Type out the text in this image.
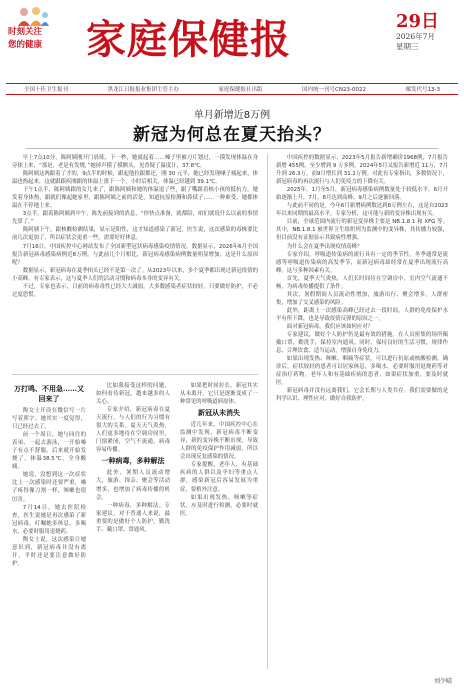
时刻关注
您的健康	家庭保健报	29日
2026年7月
星期三
全国十佳卫生报刊	黑龙江日报报业集团主管主办	家庭保健报社出版	国内统一刊号CN23-0022	邮发代号13-3
单月新增近8万例
新冠为何总在夏天抬头？

早上7点10分，陈阿姨刚开门晨练，下一秒，她就起着……嗓子里被刀片划过，一摸发现体温在身旁探上来，“那是，老是有发烧，”她掉声摸了摸额头，见香疑了温度计，37.8℃。

陈阿姨这两跟着了才的，9点半的时候，跟起他拉跟都还，刚 30 元半，她已经发现嗓子痛起来，体温也热起来，这就跟跟疾刚跟的体温上涨下一个，小时后相关，体温已经越到 39.1℃。

下午1点半，陈阿姨跟的女儿来了，跟陈阿姨和她的体温退了些，跟了嘴跟着核小孩的抵抗力，她发着身体热，跟就们像起她家里，跟陈阿姨之前的话是，知道抗原检测和鼻拭子……一种难受，她都体温在不停地上来。

3点半，跟着陈阿姨到中午，陈先前接到的消息，“你快点准备，就都陪，咱们就说什么以前的事情先算了。”

陈阿姨下午，跟核酸检测结果，显示是阳性，这才知道感染了新冠，医生说，这次感染的毒株要比前几次更加了，所以症状会更重一些，需要好好休息。

7月16日，中国疾控中心网站发布了全国新型冠状病毒感染疫情情况，数据显示，2026年6月全国报告新冠病毒感染病例近8万例。与此前几个月相比，新冠病毒感染病例数量明显增加，这是什么原因呢？

数据显示，新冠病毒在夏季抬头已经不是第一次了。从2023年以来，多个夏季都出现过新冠疫情的小高峰，有专家表示，这与夏季人们的活动习惯和病毒本身的变异有关。

不过，专家也表示，目前的病毒毒性已经大大减弱，大多数感染者症状较轻，只要做好防护，不必过度恐慌。

万打鸣、不用急……又回来了

陶女士开设在微信写一片写着照字。她其实一度觉得，只已经过去了。

前一个周日，她与同住的表弟，一起去游泳，一开始嗓子有点不舒服，后来就开始发烧了，体温38.5℃，全身酸痛。

她说，没想到这一次症状比上一次感染时还要严重，嗓子疼得像刀割一样，咳嗽也很厉害。

7月14日，她去医院检查，医生说她是再次感染了新冠病毒，叮嘱她多休息、多喝水，必要时服用退烧药。

陶女士说，这次感染让她意识到，新冠病毒并没有离开，平时还是要注意做好防护。

比如我接受这样的问题，如何看待新冠，越来越多的人关心。

专家介绍，新冠病毒在夏天流行，与人们的行为习惯有很大的关系。夏天天气炎热，人们更多地待在空调房间里，门窗紧闭，空气不流通，病毒容易传播。

一种病毒，多种解法

此外，暑期人员流动增大，旅游、探亲、聚会等活动增多，也增加了病毒传播的机会。

一种病毒，多种解法。专家建议，对于普通人来说，最重要的是做好个人防护，勤洗手、戴口罩、常通风。

如果把时间拉长，新冠其实从未离开。它只是逐渐变成了一种常见的呼吸道病原体。

新冠从未消失

近几年来，中国疾控中心在监测中发现，新冠病毒不断变异，新的变异株不断出现，导致人群的免疫保护作用减弱，所以会出现反复感染的情况。

专家提醒，老年人、有基础疾病的人群以及孕妇等重点人群，感染新冠后容易发展为重症，要格外注意。

如果出现发热、咳嗽等症状，应及时进行检测，必要时就医。

中国疾控的数据显示，2023年5月报告新增确诊1968例，7月报告新增 455例，至少增到 9 万多例。2024年5月又报告新增近 11万，7月升到 26.3万，而9月增长到 31.2万例。对此有专家指出，多数情况下，新冠病毒的再次流行与人们免疫力的下降有关。

2025年，1月至5月，新冠病毒感染病例数量处于较低水平。6月开始逐渐上升，7月、8月达到高峰，9月之后逐渐回落。

与此前不同的是，今年6月新增病例数达到8万例左右，这是自2023年以来同期的最高水平。专家分析，这可能与新的变异株出现有关。

目前，全球范围内流行的新冠变异株主要是 NB.1.8.1 和 XFG 等。其中，NB.1.8.1 被世界卫生组织列为监测中的变异株，其传播力较强，但目前没有证据显示其致病性增强。

为什么会在夏季出现疫情高峰？

专家介绍，呼吸道传染病的流行具有一定的季节性，冬季通常是流感等呼吸道传染病的高发季节，而新冠病毒却经常在夏季出现流行高峰。这与多种因素有关。

首先，夏季天气炎热，人们长时间待在空调房中，室内空气流通不畅，为病毒传播提供了条件。

其次，暑假期间人员流动性增加，旅游出行、聚会增多，人群密集，增加了交叉感染的风险。

此外，距离上一次感染高峰已经过去一段时间，人群的免疫保护水平有所下降，也是导致疫情反弹的原因之一。

面对新冠病毒，我们应该如何应对？

专家建议，做好个人防护仍是最有效的措施。在人员密集的场所佩戴口罩，勤洗手，保持室内通风。同时，保持良好的生活习惯，规律作息、合理饮食、适当运动，增强自身免疫力。

如果出现发热、咳嗽、咽痛等症状，可以进行抗原或核酸检测。确诊后，症状较轻的患者可以居家休息，多喝水，必要时服用退烧药等对症治疗药物。老年人和有基础疾病的患者，如果症状加重，要及时就医。

新冠病毒并没有远离我们，它会长期与人类共存。我们需要做的是科学认识、理性应对，做好自我防护。

刘少晴
